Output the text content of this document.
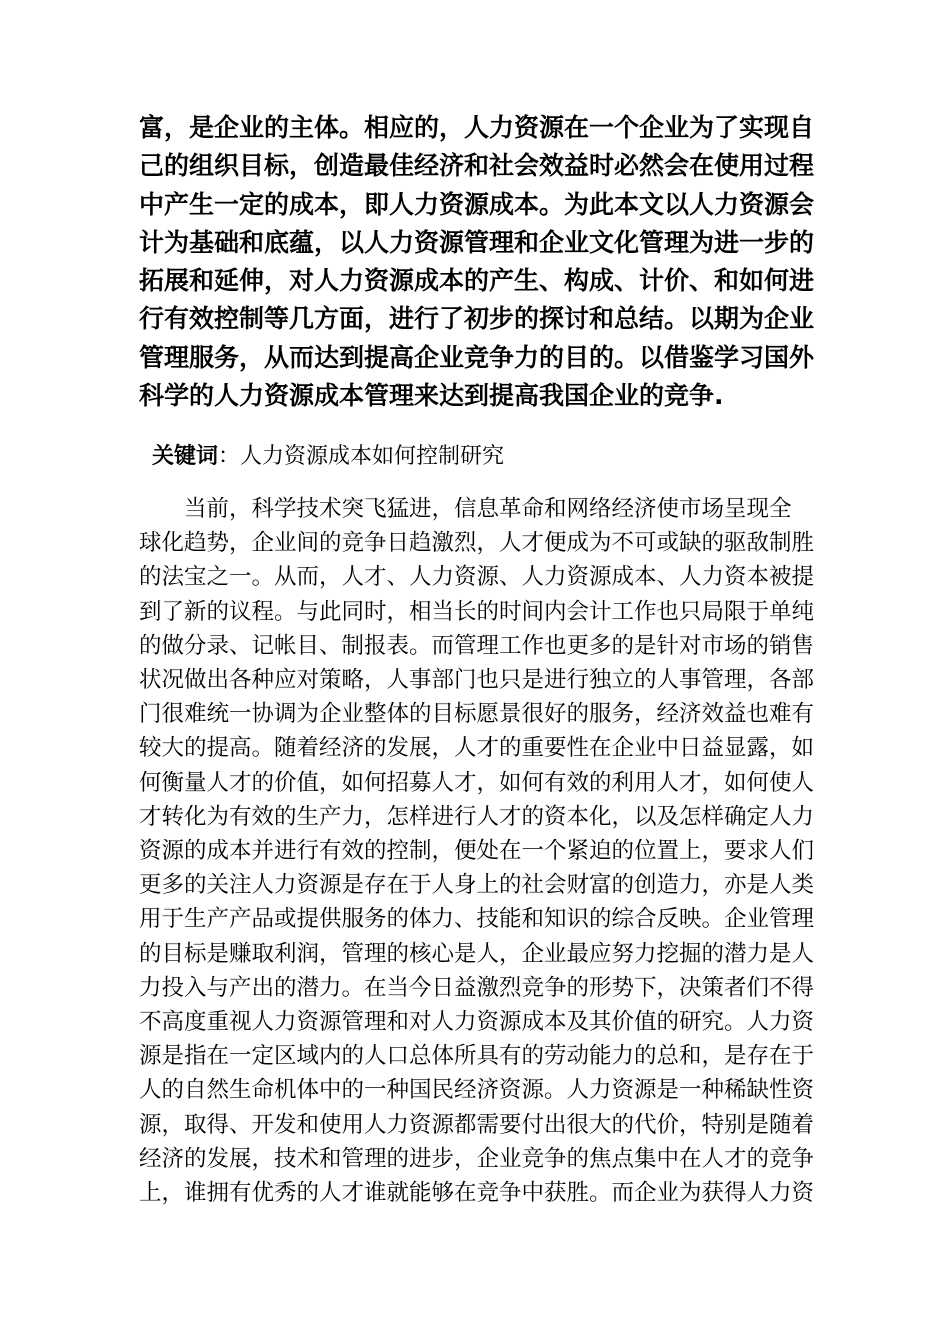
富，是企业的主体。相应的，人力资源在一个企业为了实现自
己的组织目标，创造最佳经济和社会效益时必然会在使用过程
中产生一定的成本，即人力资源成本。为此本文以人力资源会
计为基础和底蕴，以人力资源管理和企业文化管理为进一步的
拓展和延伸，对人力资源成本的产生、构成、计价、和如何进
行有效控制等几方面，进行了初步的探讨和总结。以期为企业
管理服务，从而达到提高企业竞争力的目的。以借鉴学习国外
科学的人力资源成本管理来达到提高我国企业的竞争.
关键词：人力资源成本如何控制研究
　　当前，科学技术突飞猛进，信息革命和网络经济使市场呈现全
球化趋势，企业间的竞争日趋激烈，人才便成为不可或缺的驱敌制胜
的法宝之一。从而，人才、人力资源、人力资源成本、人力资本被提
到了新的议程。与此同时，相当长的时间内会计工作也只局限于单纯
的做分录、记帐目、制报表。而管理工作也更多的是针对市场的销售
状况做出各种应对策略，人事部门也只是进行独立的人事管理，各部
门很难统一协调为企业整体的目标愿景很好的服务，经济效益也难有
较大的提高。随着经济的发展，人才的重要性在企业中日益显露，如
何衡量人才的价值，如何招募人才，如何有效的利用人才，如何使人
才转化为有效的生产力，怎样进行人才的资本化，以及怎样确定人力
资源的成本并进行有效的控制，便处在一个紧迫的位置上，要求人们
更多的关注人力资源是存在于人身上的社会财富的创造力，亦是人类
用于生产产品或提供服务的体力、技能和知识的综合反映。企业管理
的目标是赚取利润，管理的核心是人，企业最应努力挖掘的潜力是人
力投入与产出的潜力。在当今日益激烈竞争的形势下，决策者们不得
不高度重视人力资源管理和对人力资源成本及其价值的研究。人力资
源是指在一定区域内的人口总体所具有的劳动能力的总和，是存在于
人的自然生命机体中的一种国民经济资源。人力资源是一种稀缺性资
源，取得、开发和使用人力资源都需要付出很大的代价，特别是随着
经济的发展，技术和管理的进步，企业竞争的焦点集中在人才的竞争
上，谁拥有优秀的人才谁就能够在竞争中获胜。而企业为获得人力资
